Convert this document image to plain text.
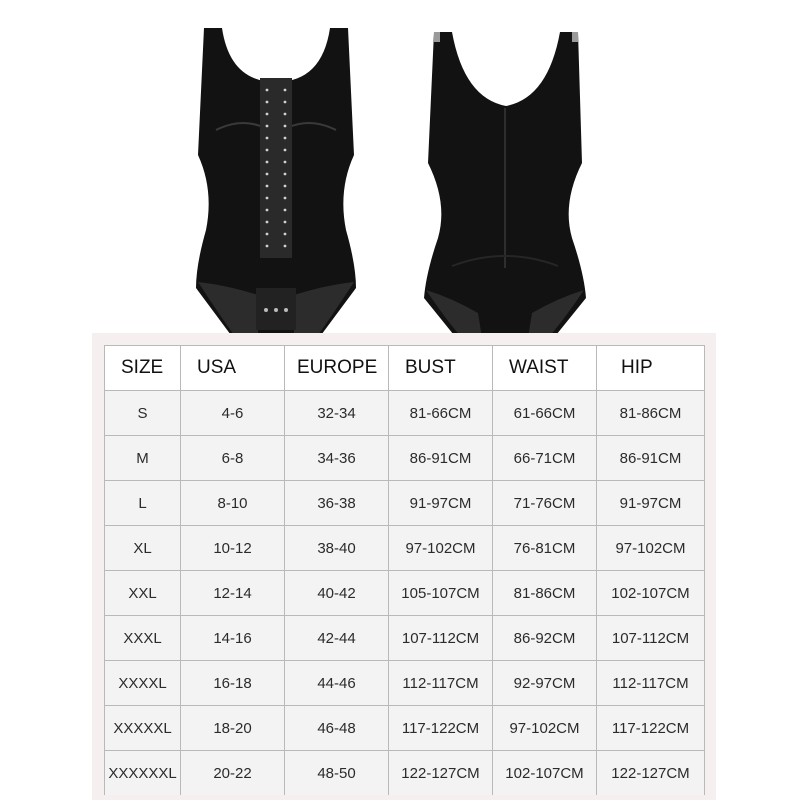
SIZE	USA	EUROPE	BUST	WAIST	HIP
S	4-6	32-34	81-66CM	61-66CM	81-86CM
M	6-8	34-36	86-91CM	66-71CM	86-91CM
L	8-10	36-38	91-97CM	71-76CM	91-97CM
XL	10-12	38-40	97-102CM	76-81CM	97-102CM
XXL	12-14	40-42	105-107CM	81-86CM	102-107CM
XXXL	14-16	42-44	107-112CM	86-92CM	107-112CM
XXXXL	16-18	44-46	112-117CM	92-97CM	112-117CM
XXXXXL	18-20	46-48	117-122CM	97-102CM	117-122CM
XXXXXXL	20-22	48-50	122-127CM	102-107CM	122-127CM
